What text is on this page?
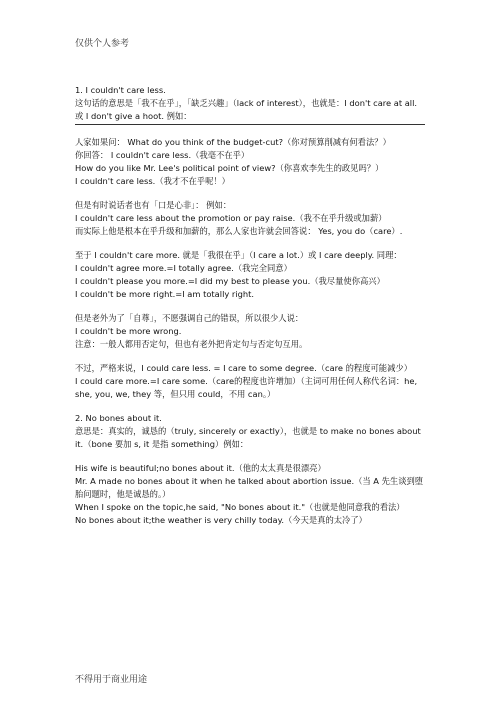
仅供个人参考
1. I couldn't care less.
这句话的意思是「我不在乎」，「缺乏兴趣」（lack of interest），也就是：I don't care at all. 或 I don't give a hoot. 例如：
人家如果问： What do you think of the budget-cut?（你对预算削减有何看法？）
你回答： I couldn't care less.（我毫不在乎）
How do you like Mr. Lee's political point of view?（你喜欢李先生的政见吗？）
I couldn't care less.（我才不在乎呢！）
但是有时说话者也有「口是心非」： 例如：
I couldn't care less about the promotion or pay raise.（我不在乎升级或加薪）
而实际上他是根本在乎升级和加薪的，那么人家也许就会回答说： Yes, you do（care）.
至于 I couldn't care more. 就是「我很在乎」（I care a lot.）或 I care deeply. 同理：
I couldn't agree more.=I totally agree.（我完全同意）
I couldn't please you more.=I did my best to please you.（我尽量使你高兴）
I couldn't be more right.=I am totally right.
但是老外为了「自尊」，不愿强调自己的错误，所以很少人说：
I couldn't be more wrong.
注意：一般人都用否定句，但也有老外把肯定句与否定句互用。
不过，严格来说，I could care less. = I care to some degree.（care 的程度可能减少）
I could care more.=I care some.（care的程度也许增加）（主词可用任何人称代名词：he, she, you, we, they 等，但只用 could，不用 can。）
2. No bones about it.
意思是：真实的，诚恳的（truly, sincerely or exactly），也就是 to make no bones about it.（bone 要加 s, it 是指 something）例如：
His wife is beautiful;no bones about it.（他的太太真是很漂亮）
Mr. A made no bones about it when he talked about abortion issue.（当 A 先生谈到堕胎问题时，他是诚恳的。）
When I spoke on the topic,he said, "No bones about it."（也就是他同意我的看法）
No bones about it;the weather is very chilly today.（今天是真的太冷了）
不得用于商业用途
